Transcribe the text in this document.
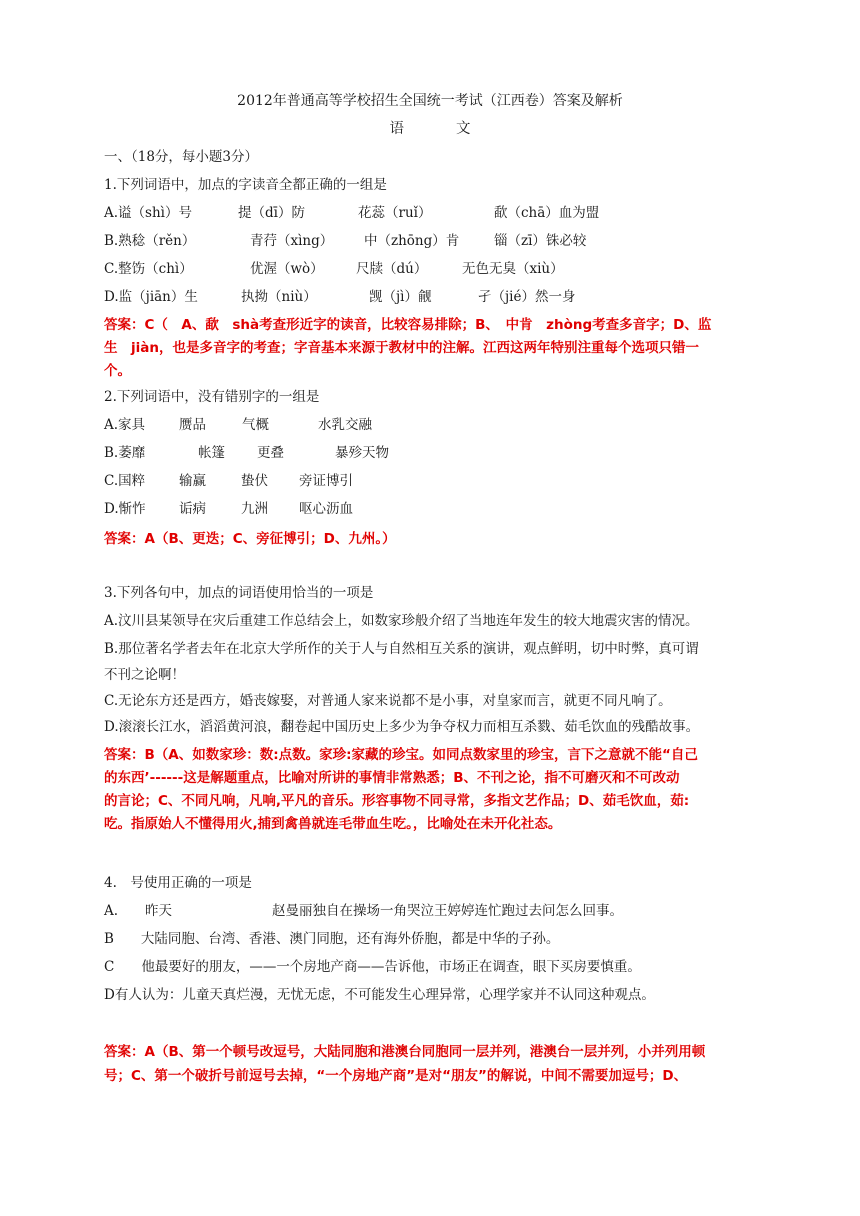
2012年普通高等学校招生全国统一考试（江西卷）答案及解析
语	文
一、（18分，每小题3分）
1.下列词语中，加点的字读音全都正确的一组是
A.谥（shì）号	提（dī）防	花蕊（ruǐ）	歃（chā）血为盟
B.熟稔（rěn）	青荇（xìng） 中（zhōng）肯	锱（zī）铢必较
C.整饬（chì）	优渥（wò） 尺牍（dú）	无色无臭（xiù）
D.监（jiān）生	执拗（niù）	觊（jì）觎	孑（jié）然一身
答案：C（　A、歃　shà考查形近字的读音，比较容易排除；B、　中肯　zhòng考查多音字；D、监
生　jiàn，也是多音字的考查；字音基本来源于教材中的注解。江西这两年特别注重每个选项只错一
个。
2.下列词语中，没有错别字的一组是
A.家具	赝品	气概	水乳交融
B.萎靡	帐篷 更叠	暴殄天物
C.国粹	输赢	蛰伏 旁证博引
D.惭怍 诟病	九洲 呕心沥血
答案：A（B、更迭；C、旁征博引；D、九州。）
3.下列各句中，加点的词语使用恰当的一项是
A.汶川县某领导在灾后重建工作总结会上，如数家珍般介绍了当地连年发生的较大地震灾害的情况。
B.那位著名学者去年在北京大学所作的关于人与自然相互关系的演讲，观点鲜明，切中时弊，真可谓
不刊之论啊！
C.无论东方还是西方，婚丧嫁娶，对普通人家来说都不是小事，对皇家而言，就更不同凡响了。
D.滚滚长江水，滔滔黄河浪，翻卷起中国历史上多少为争夺权力而相互杀戮、茹毛饮血的残酷故事。
答案：B（A、如数家珍：数:点数。家珍:家藏的珍宝。如同点数家里的珍宝，言下之意就不能“自己
的东西’------这是解题重点，比喻对所讲的事情非常熟悉；B、不刊之论，指不可磨灭和不可改动
的言论；C、不同凡响，凡响,平凡的音乐。形容事物不同寻常，多指文艺作品；D、茹毛饮血，茹:
吃。指原始人不懂得用火,捕到禽兽就连毛带血生吃。，比喻处在未开化社态。
4.　号使用正确的一项是
A.　　昨天	赵曼丽独自在操场一角哭泣王婷婷连忙跑过去问怎么回事。
B　　大陆同胞、台湾、香港、澳门同胞，还有海外侨胞，都是中华的子孙。
C　　他最要好的朋友，——一个房地产商——告诉他，市场正在调查，眼下买房要慎重。
D有人认为：儿童天真烂漫，无忧无虑，不可能发生心理异常，心理学家并不认同这种观点。
答案：A（B、第一个顿号改逗号，大陆同胞和港澳台同胞同一层并列，港澳台一层并列，小并列用顿
号；C、第一个破折号前逗号去掉，“一个房地产商”是对“朋友”的解说，中间不需要加逗号；D、
